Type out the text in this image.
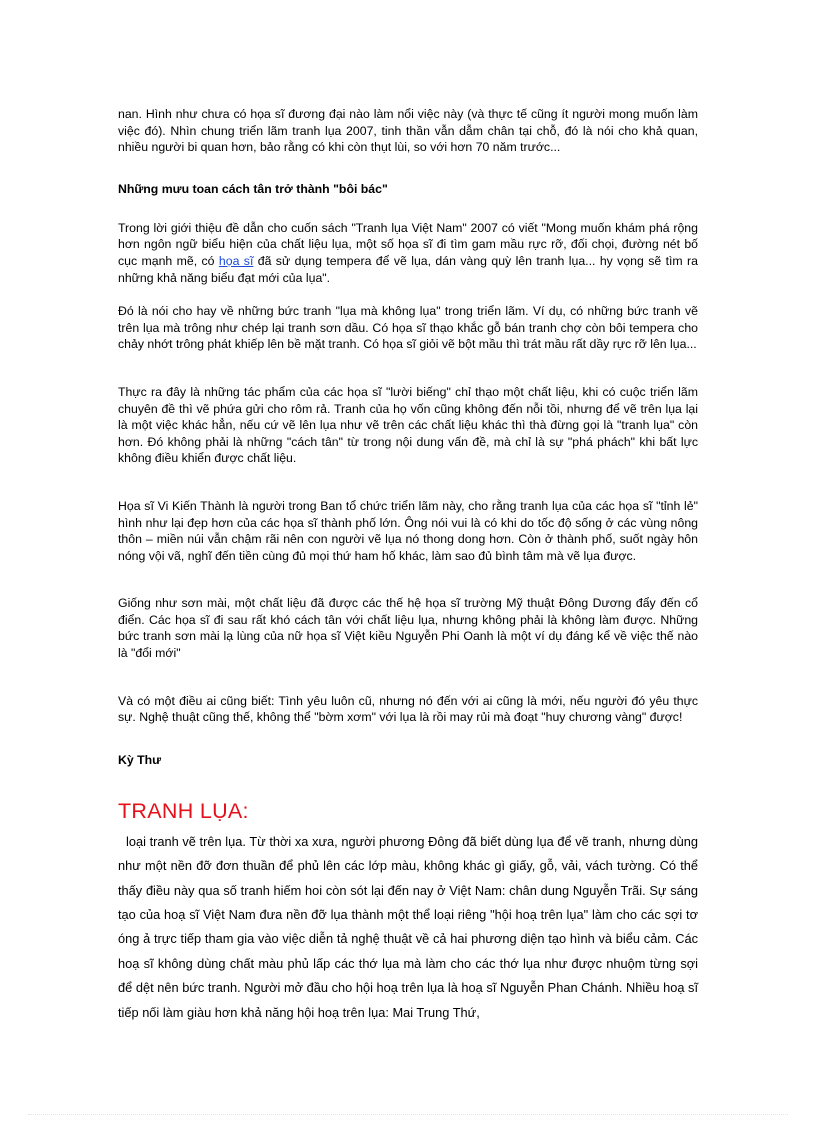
nan. Hình như chưa có họa sĩ đương đại nào làm nổi việc này (và thực tế cũng ít người mong muốn làm việc đó). Nhìn chung triển lãm tranh lụa 2007, tinh thần vẫn dẫm chân tại chỗ, đó là nói cho khả quan, nhiều người bi quan hơn, bảo rằng có khi còn thụt lùi, so với hơn 70 năm trước...

Những mưu toan cách tân trở thành "bôi bác"

Trong lời giới thiệu đề dẫn cho cuốn sách "Tranh lụa Việt Nam" 2007 có viết "Mong muốn khám phá rộng hơn ngôn ngữ biểu hiện của chất liệu lụa, một số họa sĩ đi tìm gam mầu rực rỡ, đối chọi, đường nét bố cục mạnh mẽ, có họa sĩ đã sử dụng tempera để vẽ lụa, dán vàng quỳ lên tranh lụa... hy vọng sẽ tìm ra những khả năng biểu đạt mới của lụa".

Đó là nói cho hay về những bức tranh "lụa mà không lụa" trong triển lãm. Ví dụ, có những bức tranh vẽ trên lụa mà trông như chép lại tranh sơn dầu. Có họa sĩ thạo khắc gỗ bán tranh chợ còn bôi tempera cho chảy nhớt trông phát khiếp lên bề mặt tranh. Có họa sĩ giỏi vẽ bột mầu thì trát mầu rất dầy rực rỡ lên lụa...

Thực ra đây là những tác phẩm của các họa sĩ "lười biếng" chỉ thạo một chất liệu, khi có cuộc triển lãm chuyên đề thì vẽ phứa gửi cho rôm rả. Tranh của họ vốn cũng không đến nỗi tồi, nhưng để vẽ trên lụa lại là một việc khác hẳn, nếu cứ vẽ lên lụa như vẽ trên các chất liệu khác thì thà đừng gọi là "tranh lụa" còn hơn. Đó không phải là những "cách tân" từ trong nội dung vấn đề, mà chỉ là sự "phá phách" khi bất lực không điều khiển được chất liệu.

Họa sĩ Vi Kiến Thành là người trong Ban tổ chức triển lãm này, cho rằng tranh lụa của các họa sĩ "tỉnh lẻ" hình như lại đẹp hơn của các họa sĩ thành phố lớn. Ông nói vui là có khi do tốc độ sống ở các vùng nông thôn – miền núi vẫn chậm rãi nên con người vẽ lụa nó thong dong hơn. Còn ở thành phố, suốt ngày hôn nóng vội vã, nghĩ đến tiền cùng đủ mọi thứ ham hố khác, làm sao đủ bình tâm mà vẽ lụa được.

Giống như sơn mài, một chất liệu đã được các thế hệ họa sĩ trường Mỹ thuật Đông Dương đẩy đến cổ điển. Các họa sĩ đi sau rất khó cách tân với chất liệu lụa, nhưng không phải là không làm được. Những bức tranh sơn mài lạ lùng của nữ họa sĩ Việt kiều Nguyễn Phi Oanh là một ví dụ đáng kể về việc thế nào là "đổi mới"

Và có một điều ai cũng biết: Tình yêu luôn cũ, nhưng nó đến với ai cũng là mới, nếu người đó yêu thực sự. Nghệ thuật cũng thế, không thể "bờm xơm" với lụa là rồi may rủi mà đoạt "huy chương vàng" được!

Kỳ Thư

TRANH LỤA:

loại tranh vẽ trên lụa. Từ thời xa xưa, người phương Đông đã biết dùng lụa để vẽ tranh, nhưng dùng như một nền đỡ đơn thuần để phủ lên các lớp màu, không khác gì giấy, gỗ, vải, vách tường. Có thể thấy điều này qua số tranh hiếm hoi còn sót lại đến nay ở Việt Nam: chân dung Nguyễn Trãi. Sự sáng tạo của hoạ sĩ Việt Nam đưa nền đỡ lụa thành một thể loại riêng "hội hoạ trên lụa" làm cho các sợi tơ óng ả trực tiếp tham gia vào việc diễn tả nghệ thuật về cả hai phương diện tạo hình và biểu cảm. Các hoạ sĩ không dùng chất màu phủ lấp các thớ lụa mà làm cho các thớ lụa như được nhuộm từng sợi để dệt nên bức tranh. Người mở đầu cho hội hoạ trên lụa là hoạ sĩ Nguyễn Phan Chánh. Nhiều hoạ sĩ tiếp nối làm giàu hơn khả năng hội hoạ trên lụa: Mai Trung Thứ,
